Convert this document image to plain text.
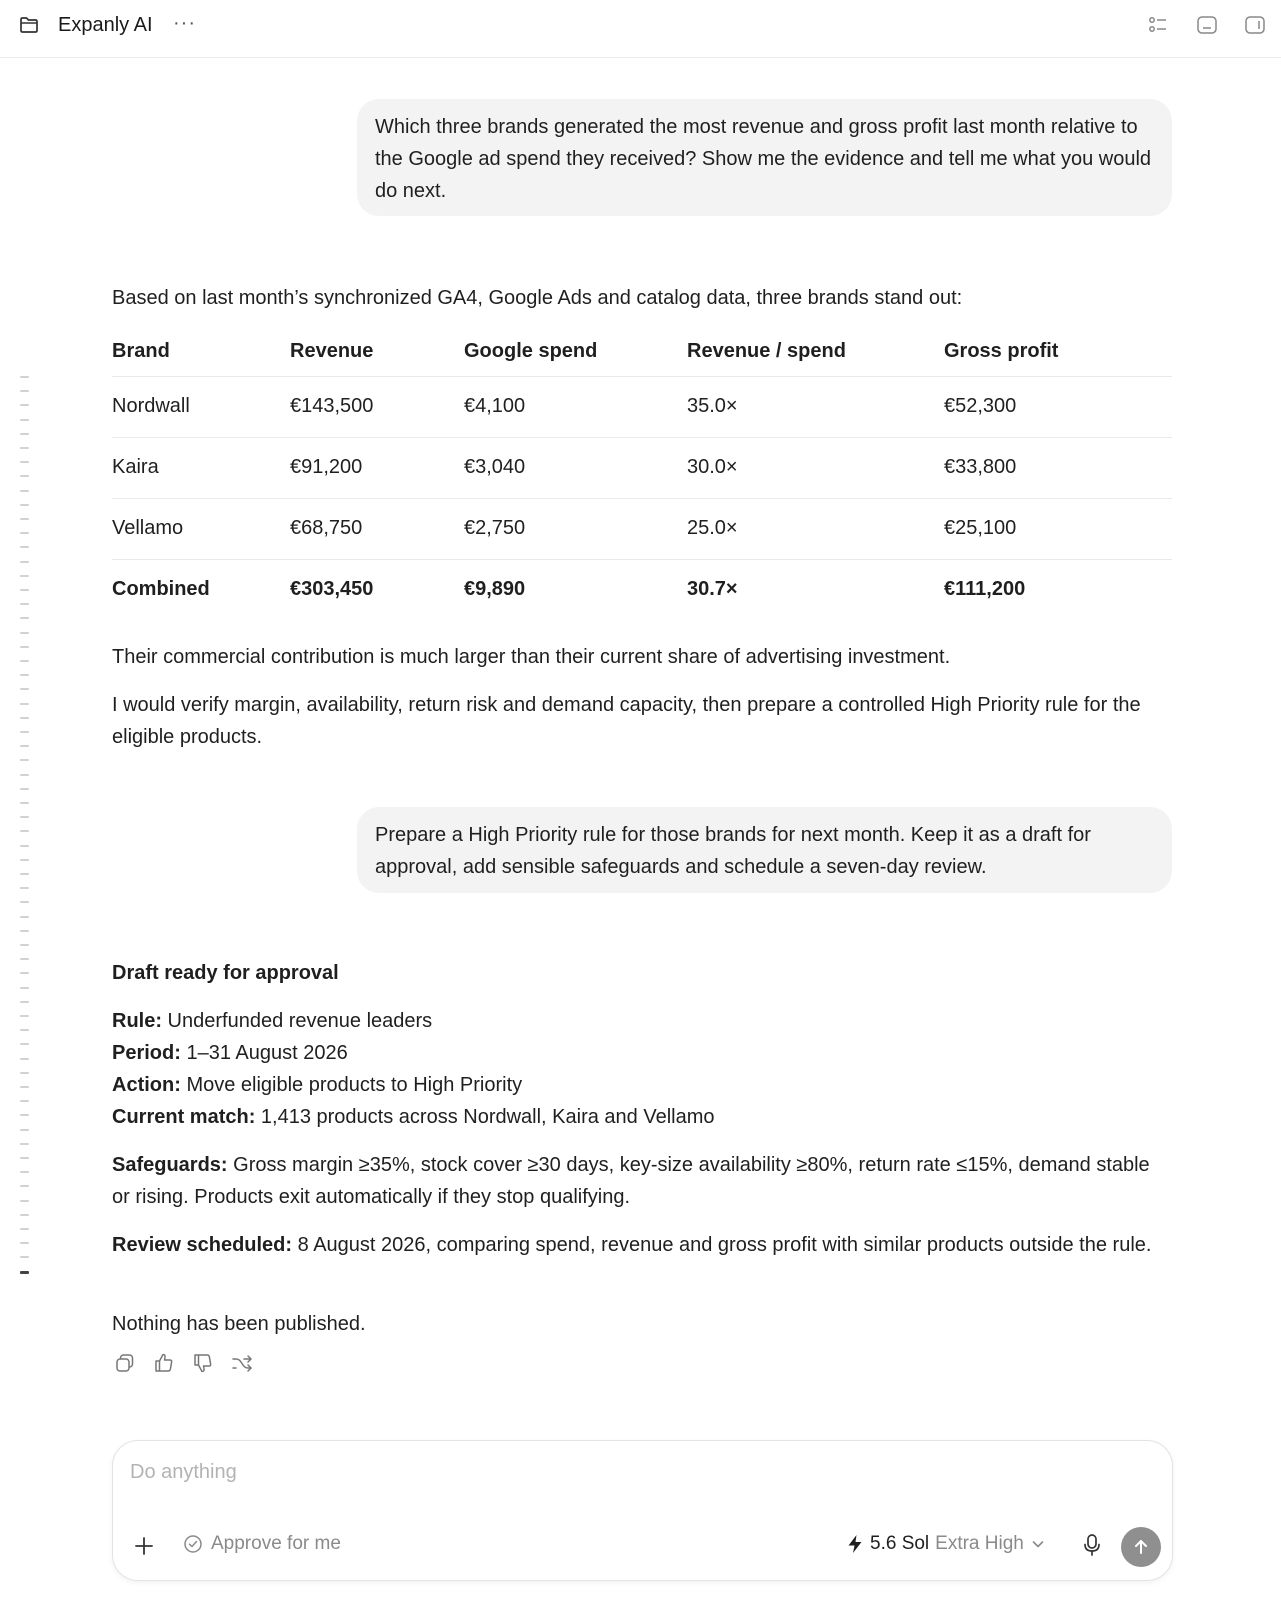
Expanly AI ···
Which three brands generated the most revenue and gross profit last month relative to the Google ad spend they received? Show me the evidence and tell me what you would do next.
Based on last month’s synchronized GA4, Google Ads and catalog data, three brands stand out:
Brand	Revenue	Google spend	Revenue / spend	Gross profit
Nordwall	€143,500	€4,100	35.0×	€52,300
Kaira	€91,200	€3,040	30.0×	€33,800
Vellamo	€68,750	€2,750	25.0×	€25,100
Combined	€303,450	€9,890	30.7×	€111,200
Their commercial contribution is much larger than their current share of advertising investment.
I would verify margin, availability, return risk and demand capacity, then prepare a controlled High Priority rule for the eligible products.
Prepare a High Priority rule for those brands for next month. Keep it as a draft for approval, add sensible safeguards and schedule a seven-day review.
Draft ready for approval
Rule: Underfunded revenue leaders
Period: 1–31 August 2026
Action: Move eligible products to High Priority
Current match: 1,413 products across Nordwall, Kaira and Vellamo
Safeguards: Gross margin ≥35%, stock cover ≥30 days, key-size availability ≥80%, return rate ≤15%, demand stable or rising. Products exit automatically if they stop qualifying.
Review scheduled: 8 August 2026, comparing spend, revenue and gross profit with similar products outside the rule.
Nothing has been published.
Do anything
Approve for me	5.6 Sol Extra High
